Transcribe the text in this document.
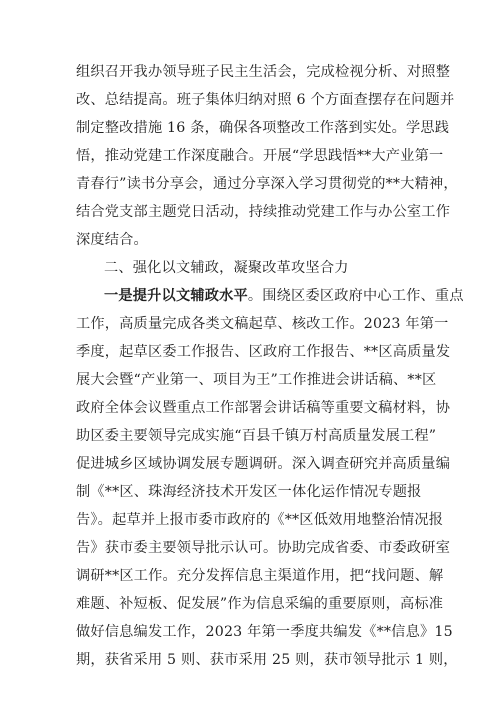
组织召开我办领导班子民主生活会，完成检视分析、对照整
改、总结提高。班子集体归纳对照 6 个方面查摆存在问题并
制定整改措施 16 条，确保各项整改工作落到实处。学思践
悟，推动党建工作深度融合。开展“学思践悟**大产业第一
青春行”读书分享会，通过分享深入学习贯彻党的**大精神，
结合党支部主题党日活动，持续推动党建工作与办公室工作
深度结合。
二、强化以文辅政，凝聚改革攻坚合力
一是提升以文辅政水平。围绕区委区政府中心工作、重点
工作，高质量完成各类文稿起草、核改工作。2023 年第一
季度，起草区委工作报告、区政府工作报告、**区高质量发
展大会暨“产业第一、项目为王”工作推进会讲话稿、**区
政府全体会议暨重点工作部署会讲话稿等重要文稿材料，协
助区委主要领导完成实施“百县千镇万村高质量发展工程”
促进城乡区域协调发展专题调研。深入调查研究并高质量编
制《**区、珠海经济技术开发区一体化运作情况专题报
告》。起草并上报市委市政府的《**区低效用地整治情况报
告》获市委主要领导批示认可。协助完成省委、市委政研室
调研**区工作。充分发挥信息主渠道作用，把“找问题、解
难题、补短板、促发展”作为信息采编的重要原则，高标准
做好信息编发工作，2023 年第一季度共编发《**信息》15
期，获省采用 5 则、获市采用 25 则，获市领导批示 1 则，
